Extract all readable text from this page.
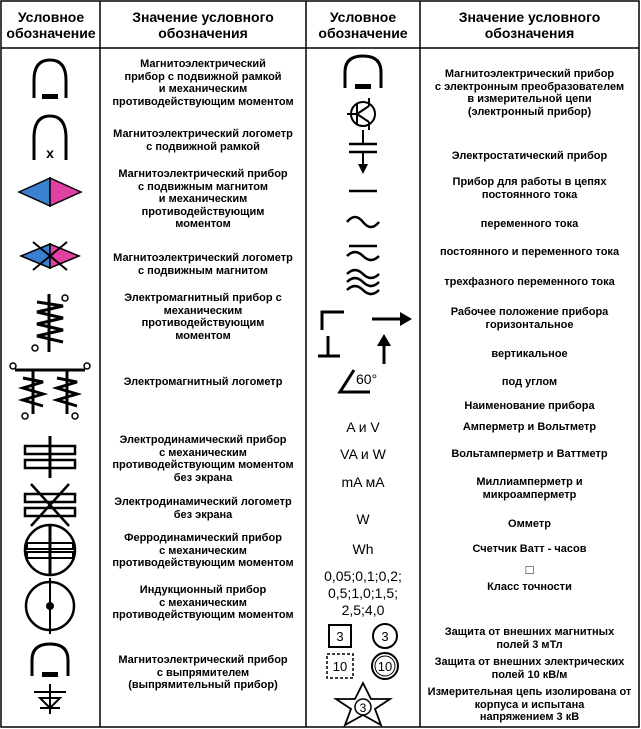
Условное
обозначение
Значение условного
обозначения
Условное
обозначение
Значение условного
обозначения
x
Магнитоэлектрический
прибор с подвижной рамкой
и механическим
противодействующим моментом
Магнитоэлектрический логометр
с подвижной рамкой
Магнитоэлектрический прибор
с подвижным магнитом
и механическим
противодействующим
моментом
Магнитоэлектрический логометр
с подвижным магнитом
Электромагнитный прибор с
механическим
противодействующим
моментом
Электромагнитный логометр
Электродинамический прибор
с механическим
противодействующим моментом
без экрана
Электродинамический логометр
без экрана
Ферродинамический прибор
с механическим
противодействующим моментом
Индукционный прибор
с механическим
противодействующим моментом
Магнитоэлектрический прибор
с выпрямителем
(выпрямительный прибор)
60°
A и V
VA и W
mA мА
W
Wh
0,05;0,1;0,2;
0,5;1,0;1,5;
2,5;4,0
3	3
10 10
3
Магнитоэлектрический прибор
с электронным преобразователем
в измерительной цепи
(электронный прибор)
Электростатический прибор
Прибор для работы в цепях
постоянного тока
переменного тока
постоянного и переменного тока
трехфазного переменного тока
Рабочее положение прибора
горизонтальное
вертикальное
под углом
Наименование прибора
Амперметр и Вольтметр
Вольтамперметр и Ваттметр
Миллиамперметр и
микроамперметр
Омметр
Счетчик Ватт - часов
□
Класс точности
Защита от внешних магнитных
полей 3 мТл
Защита от внешних электрических
полей 10 кВ/м
Измерительная цепь изолирована от
корпуса и испытана
напряжением 3 кВ
